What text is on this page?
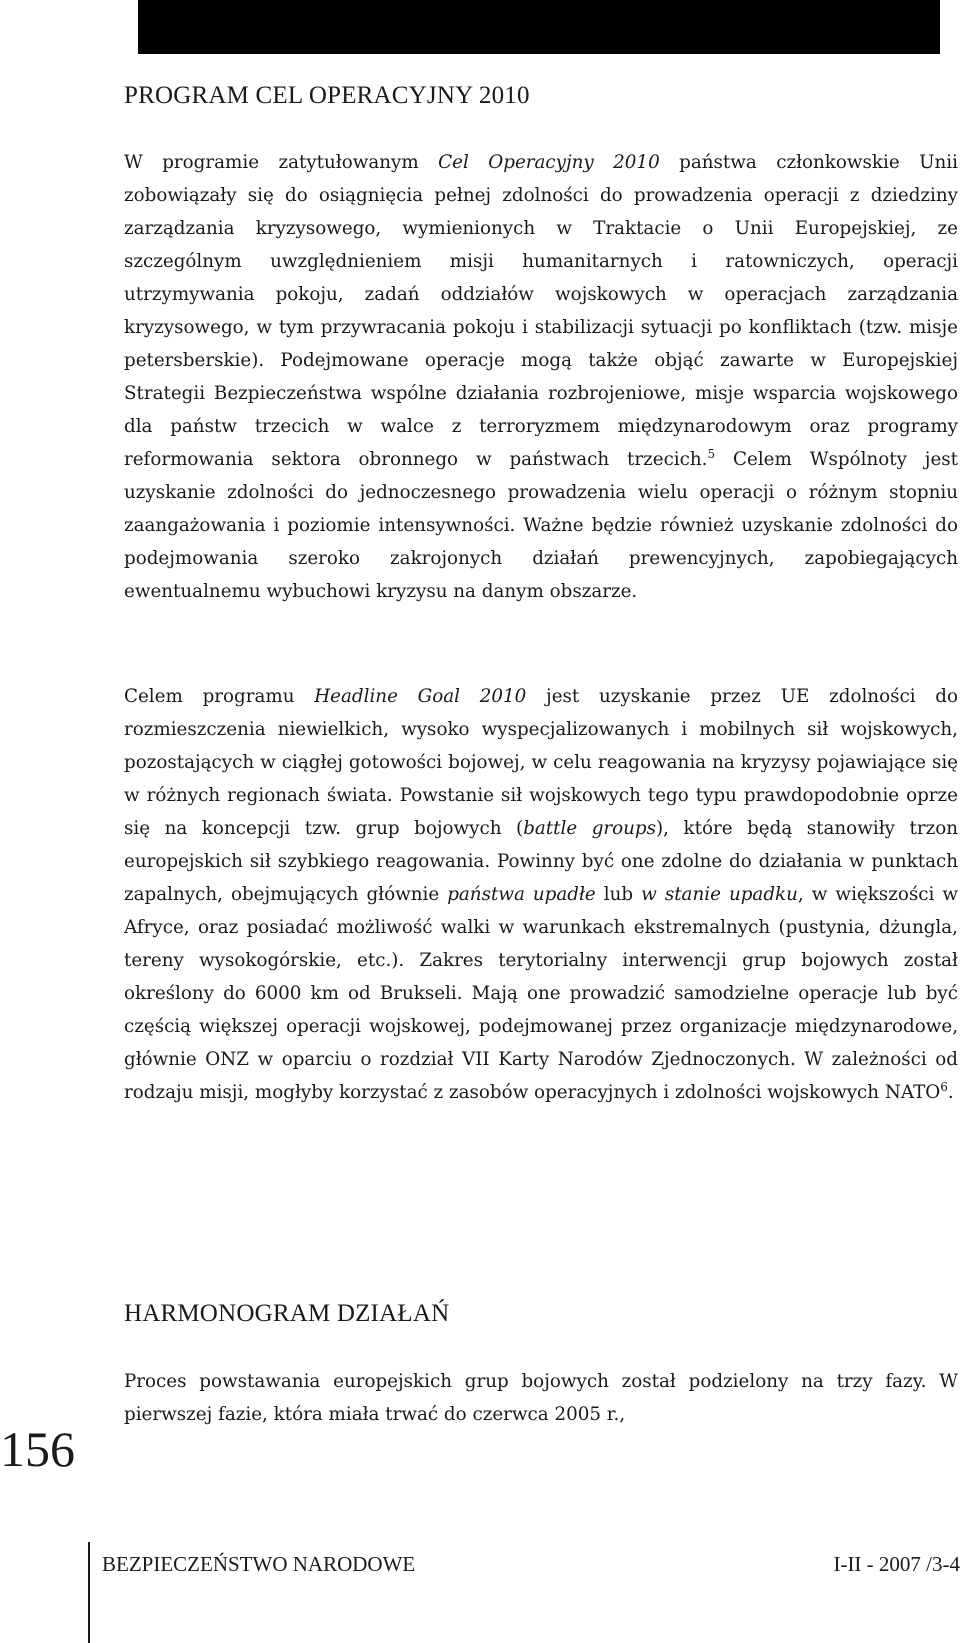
PROGRAM CEL OPERACYJNY 2010
W programie zatytułowanym Cel Operacyjny 2010 państwa członkowskie Unii zobowiązały się do osiągnięcia pełnej zdolności do prowadzenia operacji z dziedziny zarządzania kryzysowego, wymienionych w Traktacie o Unii Europejskiej, ze szczególnym uwzględnieniem misji humanitarnych i ratowniczych, operacji utrzymywania pokoju, zadań oddziałów wojskowych w operacjach zarządzania kryzysowego, w tym przywracania pokoju i stabilizacji sytuacji po konfliktach (tzw. misje petersberskie). Podejmowane operacje mogą także objąć zawarte w Europejskiej Strategii Bezpieczeństwa wspólne działania rozbrojeniowe, misje wsparcia wojskowego dla państw trzecich w walce z terroryzmem międzynarodowym oraz programy reformowania sektora obronnego w państwach trzecich.$^5$ Celem Wspólnoty jest uzyskanie zdolności do jednoczesnego prowadzenia wielu operacji o różnym stopniu zaangażowania i poziomie intensywności. Ważne będzie również uzyskanie zdolności do podejmowania szeroko zakrojonych działań prewencyjnych, zapobiegających ewentualnemu wybuchowi kryzysu na danym obszarze.
Celem programu Headline Goal 2010 jest uzyskanie przez UE zdolności do rozmieszczenia niewielkich, wysoko wyspecjalizowanych i mobilnych sił wojskowych, pozostających w ciągłej gotowości bojowej, w celu reagowania na kryzysy pojawiające się w różnych regionach świata. Powstanie sił wojskowych tego typu prawdopodobnie oprze się na koncepcji tzw. grup bojowych (battle groups), które będą stanowiły trzon europejskich sił szybkiego reagowania. Powinny być one zdolne do działania w punktach zapalnych, obejmujących głównie państwa upadłe lub w stanie upadku, w większości w Afryce, oraz posiadać możliwość walki w warunkach ekstremalnych (pustynia, dżungla, tereny wysokogórskie, etc.). Zakres terytorialny interwencji grup bojowych został określony do 6000 km od Brukseli. Mają one prowadzić samodzielne operacje lub być częścią większej operacji wojskowej, podejmowanej przez organizacje międzynarodowe, głównie ONZ w oparciu o rozdział VII Karty Narodów Zjednoczonych. W zależności od rodzaju misji, mogłyby korzystać z zasobów operacyjnych i zdolności wojskowych NATO$^6$.
HARMONOGRAM DZIAŁAŃ
Proces powstawania europejskich grup bojowych został podzielony na trzy fazy. W pierwszej fazie, która miała trwać do czerwca 2005 r.,
156
BEZPIECZEŃSTWO NARODOWE	I-II - 2007 /3-4
